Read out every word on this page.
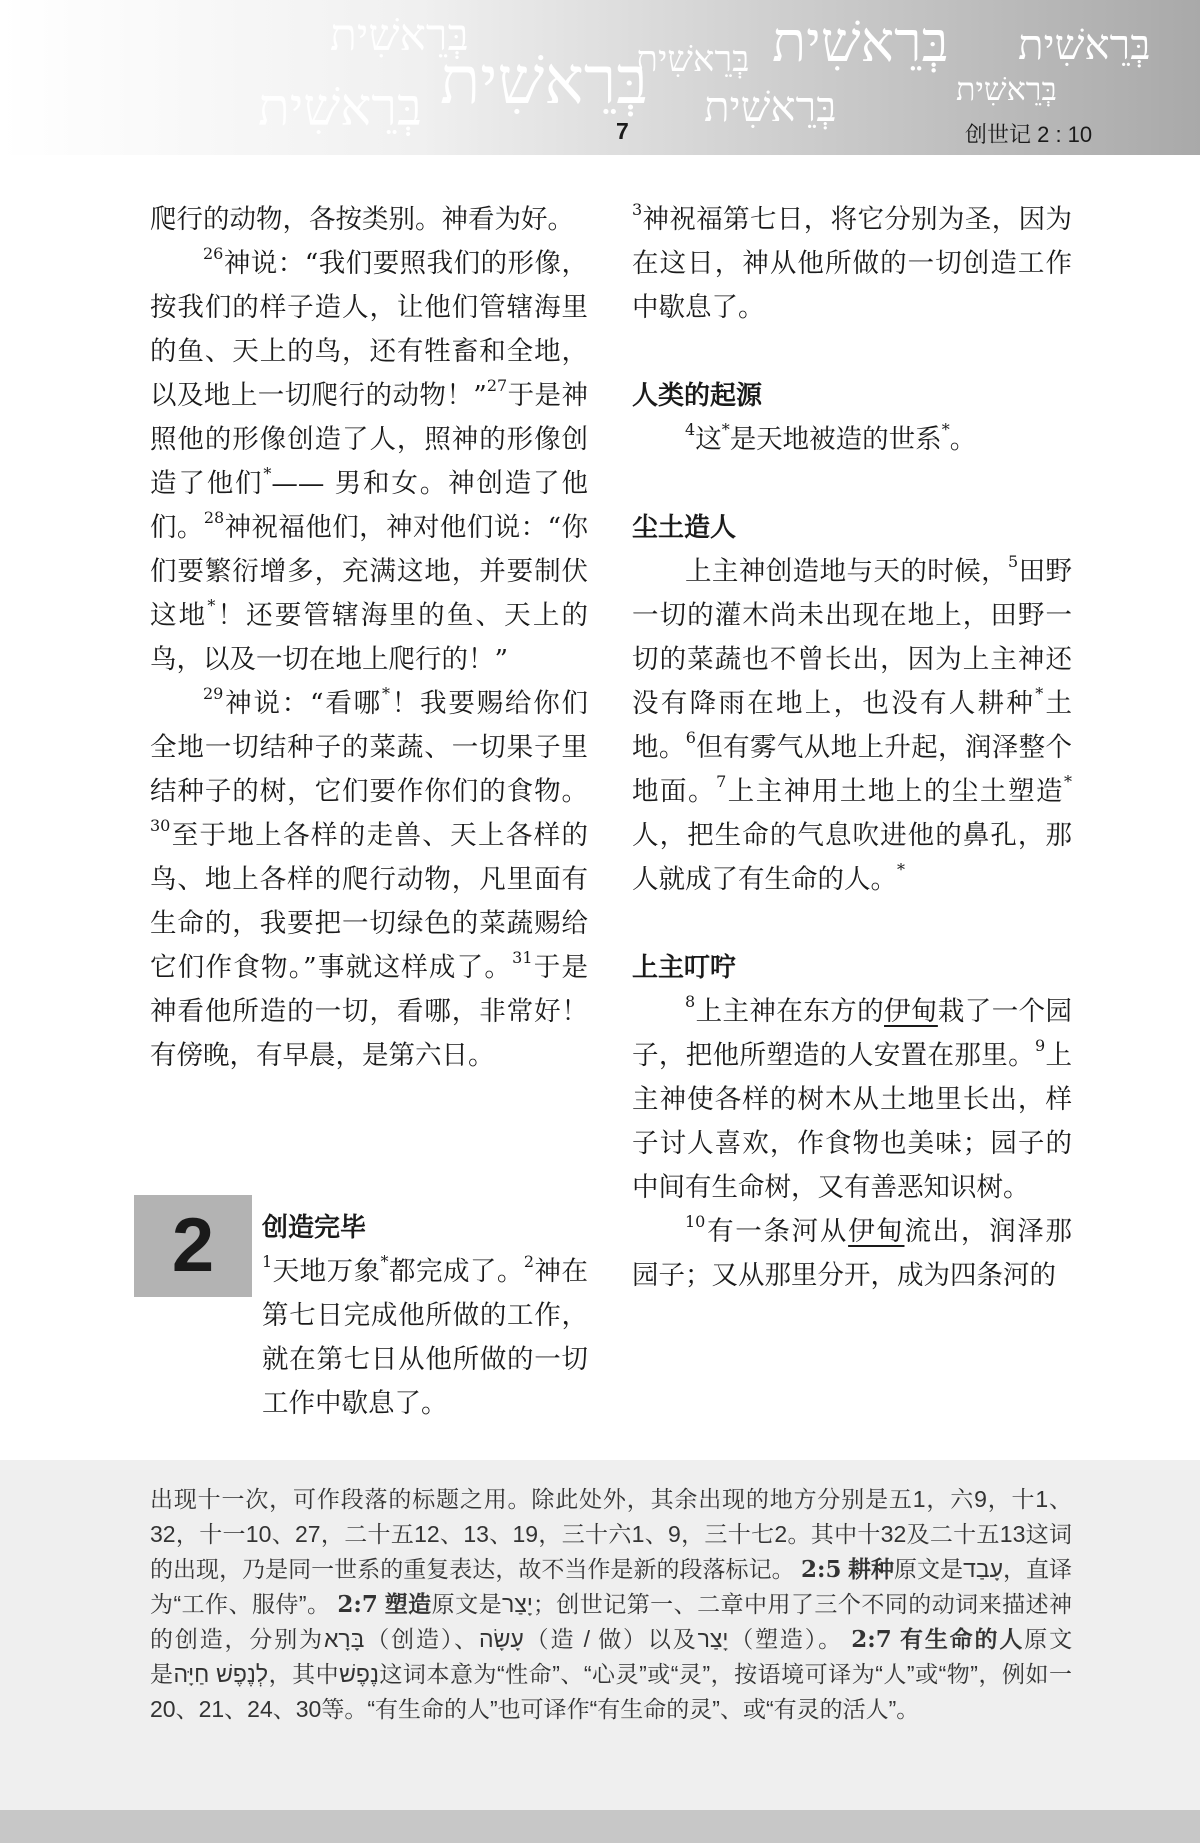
בְּרֵאשִׁית
בְּרֵאשִׁית בְּרֵאשִׁית
בְּרֵאשִׁית
בְּרֵאשִׁית
בְּרֵאשִׁית בְּרֵאשִׁית
בְּרֵאשִׁית
7	创世记 2 : 10

爬行的动物，各按类别。神看为好。

$^{26}$神说：“我们要照我们的形像，按我们的样子造人，让他们管辖海里的鱼、天上的鸟，还有牲畜和全地，以及地上一切爬行的动物！”$^{27}$于是神照他的形像创造了人，照神的形像创造了他们*—— 男和女。神创造了他们。$^{28}$神祝福他们，神对他们说：“你们要繁衍增多，充满这地，并要制伏这地*！还要管辖海里的鱼、天上的鸟，以及一切在地上爬行的！”

$^{29}$神说：“看哪*！我要赐给你们全地一切结种子的菜蔬、一切果子里结种子的树，它们要作你们的食物。$^{30}$至于地上各样的走兽、天上各样的鸟、地上各样的爬行动物，凡里面有生命的，我要把一切绿色的菜蔬赐给它们作食物。”事就这样成了。$^{31}$于是神看他所造的一切，看哪，非常好！有傍晚，有早晨，是第六日。

2	创造完毕

$^1$天地万象*都完成了。$^2$神在第七日完成他所做的工作，就在第七日从他所做的一切工作中歇息了。

$^3$神祝福第七日，将它分别为圣，因为在这日，神从他所做的一切创造工作中歇息了。

人类的起源

$^4$这*是天地被造的世系*。

尘土造人

上主神创造地与天的时候，$^5$田野一切的灌木尚未出现在地上，田野一切的菜蔬也不曾长出，因为上主神还没有降雨在地上，也没有人耕种*土地。$^6$但有雾气从地上升起，润泽整个地面。$^7$上主神用土地上的尘土塑造*人，把生命的气息吹进他的鼻孔，那人就成了有生命的人。*

上主叮咛

$^8$上主神在东方的伊甸栽了一个园子，把他所塑造的人安置在那里。$^9$上主神使各样的树木从土地里长出，样子讨人喜欢，作食物也美味；园子的中间有生命树，又有善恶知识树。

$^{10}$有一条河从伊甸流出，润泽那园子；又从那里分开，成为四条河的

出现十一次，可作段落的标题之用。除此处外，其余出现的地方分别是五1，六9，十1、32，十一10、27，二十五12、13、19，三十六1、9，三十七2。其中十32及二十五13这词的出现，乃是同一世系的重复表达，故不当作是新的段落标记。 2:5 耕种原文是עָבַד，直译为“工作、服侍”。 2:7 塑造原文是יָצַר；创世记第一、二章中用了三个不同的动词来描述神的创造，分别为בָּרָא（创造）、עָשָׂה（造 / 做）以及יָצַר（塑造）。 2:7 有生命的人原文是לְנֶפֶשׁ חַיָּה，其中נֶפֶשׁ这词本意为“性命”、“心灵”或“灵”，按语境可译为“人”或“物”，例如一20、21、24、30等。“有生命的人”也可译作“有生命的灵”、或“有灵的活人”。
